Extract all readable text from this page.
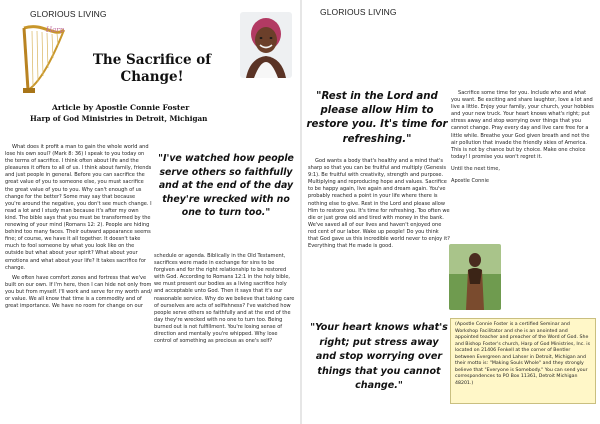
GLORIOUS LIVING
Harp
The Sacrifice of Change!
Article by Apostle Connie Foster
Harp of God Ministries in Detroit, Michigan

What does it profit a man to gain the whole world and lose his own soul? (Mark 8: 36) I speak to you today on the terms of sacrifice. I think often about life and the pleasures it offers to all of us. I think about family, friends and just people in general. Before you can sacrifice the great value of you to someone else, you must sacrifice the great value of you to you. Why can't enough of us change for the better? Some may say that because you're around the negative, you don't see much change. I read a lot and I study man because it's after my own kind. The bible says that you must be transformed by the renewing of your mind (Romans 12: 2). People are hiding behind too many faces. Their outward appearance seems fine; of course, we have it all together. It doesn't take much to fool someone by what you look like on the outside but what about your spirit? What about your emotions and what about your life? It takes sacrifice for change.

We often have comfort zones and fortress that we've built on our own. If I'm here, then I can hide not only from you but from myself. I'll work and serve for my worth and/ or value. We all know that time is a commodity and of great importance. We have no room for change on our

"I've watched how people serve others so faithfully and at the end of the day they're wrecked with no one to turn too."

schedule or agenda. Biblically in the Old Testament, sacrifices were made in exchange for sins to be forgiven and for the right relationship to be restored with God. According to Romans 12:1 in the holy bible, we must present our bodies as a living sacrifice holy and acceptable unto God. Then it says that it's our reasonable service. Why do we believe that taking care of ourselves are acts of selfishness? I've watched how people serve others so faithfully and at the end of the day they're wrecked with no one to turn too. Being burned out is not fulfillment. You're losing sense of direction and mentally you're whipped. Why lose control of something as precious as one's self?

GLORIOUS LIVING
"Rest in the Lord and please allow Him to restore you. It's time for refreshing."

God wants a body that's healthy and a mind that's sharp so that you can be fruitful and multiply (Genesis 9:1). Be fruitful with creativity, strength and purpose. Multiplying and reproducing hope and values. Sacrifice to be happy again, live again and dream again. You've probably reached a point in your life where there is nothing else to give. Rest in the Lord and please allow Him to restore you. It's time for refreshing. Too often we die or just grow old and tired with money in the bank. We've saved all of our lives and haven't enjoyed one red cent of our labor. Wake up people! Do you think that God gave us this incredible world never to enjoy it? Everything that He made is good.

"Your heart knows what's right; put stress away and stop worrying over things that you cannot change."

Sacrifice some time for you. Include who and what you want. Be exciting and share laughter, love a lot and live a little. Enjoy your family, your church, your hobbies and your new truck. Your heart knows what's right; put stress away and stop worrying over things that you cannot change. Pray every day and live care free for a little while. Breathe your God given breath and not the air pollution that invade the friendly skies of America. This is not by chance but by choice. Make one choice today! I promise you won't regret it.

Until the next time,

Apostle Connie

(Apostle Connie Foster is a certified Seminar and Workshop Facilitator and she is an anointed and appointed teacher and preacher of the Word of God. She and Bishop Foster's church, Harp of God Ministries, Inc. is located on 21406 Fenkell at the corner of Bentler between Evergreen and Lahser in Detroit, Michigan and their motto is: "Making Souls Whole" and they strongly believe that "Everyone is Somebody." You can send your correspondences to PO Box 11361, Detroit Michigan 48201.)
